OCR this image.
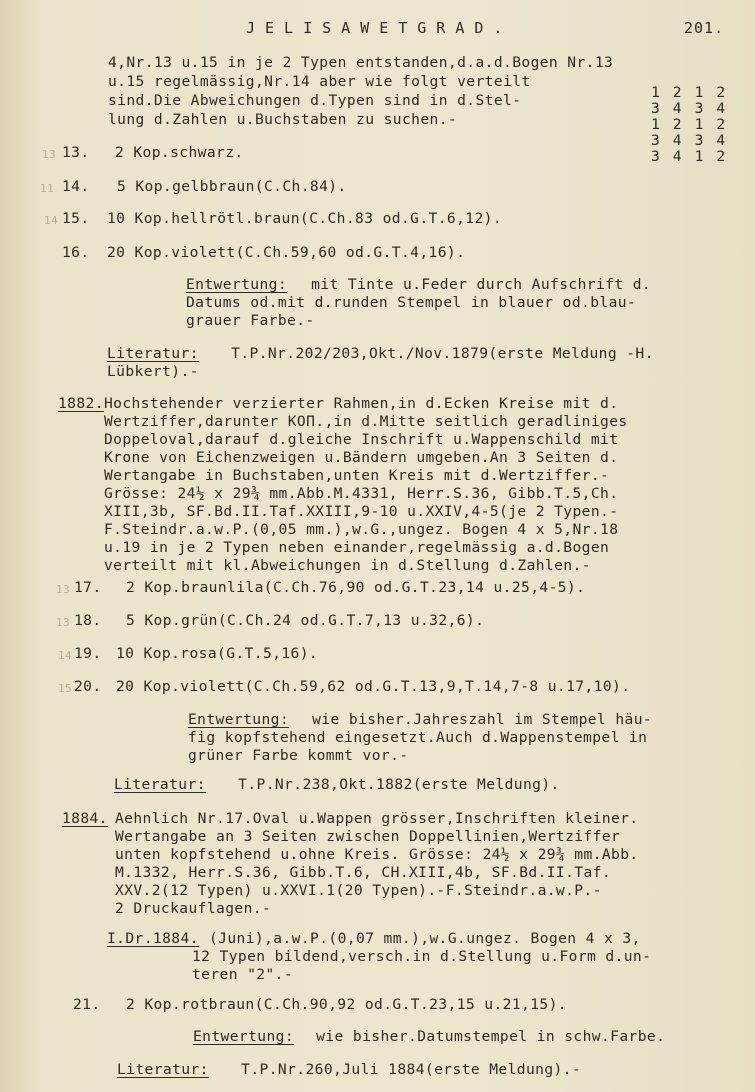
JELISAWETGRAD.	201.
4,Nr.13 u.15 in je 2 Typen entstanden,d.a.d.Bogen Nr.13
u.15 regelmässig,Nr.14 aber wie folgt verteilt
sind.Die Abweichungen d.Typen sind in d.Stel-
lung d.Zahlen u.Buchstaben zu suchen.-
1212
3434
1212
3434
3412
13 13. 2 Kop.schwarz.
11 14. 5 Kop.gelbbraun(C.Ch.84).
14 15. 10 Kop.hellrötl.braun(C.Ch.83 od.G.T.6,12).
16. 20 Kop.violett(C.Ch.59,60 od.G.T.4,16).
Entwertung: mit Tinte u.Feder durch Aufschrift d.
Datums od.mit d.runden Stempel in blauer od.blau-
grauer Farbe.-
Literatur: T.P.Nr.202/203,Okt./Nov.1879(erste Meldung -H.
Lübkert).-
1882. Hochstehender verzierter Rahmen,in d.Ecken Kreise mit d.
Wertziffer,darunter КОП.,in d.Mitte seitlich geradliniges
Doppeloval,darauf d.gleiche Inschrift u.Wappenschild mit
Krone von Eichenzweigen u.Bändern umgeben.An 3 Seiten d.
Wertangabe in Buchstaben,unten Kreis mit d.Wertziffer.-
Grösse: 24½ x 29¾ mm.Abb.M.4331, Herr.S.36, Gibb.T.5,Ch.
XIII,3b, SF.Bd.II.Taf.XXIII,9-10 u.XXIV,4-5(je 2 Typen.-
F.Steindr.a.w.P.(0,05 mm.),w.G.,ungez. Bogen 4 x 5,Nr.18
u.19 in je 2 Typen neben einander,regelmässig a.d.Bogen
verteilt mit kl.Abweichungen in d.Stellung d.Zahlen.-
13 17. 2 Kop.braunlila(C.Ch.76,90 od.G.T.23,14 u.25,4-5).
13 18. 5 Kop.grün(C.Ch.24 od.G.T.7,13 u.32,6).
14 19. 10 Kop.rosa(G.T.5,16).
15 20. 20 Kop.violett(C.Ch.59,62 od.G.T.13,9,T.14,7-8 u.17,10).
Entwertung: wie bisher.Jahreszahl im Stempel häu-
fig kopfstehend eingesetzt.Auch d.Wappenstempel in
grüner Farbe kommt vor.-
Literatur: T.P.Nr.238,Okt.1882(erste Meldung).
1884. Aehnlich Nr.17.Oval u.Wappen grösser,Inschriften kleiner.
Wertangabe an 3 Seiten zwischen Doppellinien,Wertziffer
unten kopfstehend u.ohne Kreis. Grösse: 24½ x 29¾ mm.Abb.
M.1332, Herr.S.36, Gibb.T.6, CH.XIII,4b, SF.Bd.II.Taf.
XXV.2(12 Typen) u.XXVI.1(20 Typen).-F.Steindr.a.w.P.-
2 Druckauflagen.-
I.Dr.1884. (Juni),a.w.P.(0,07 mm.),w.G.ungez. Bogen 4 x 3,
12 Typen bildend,versch.in d.Stellung u.Form d.un-
teren "2".-
21. 2 Kop.rotbraun(C.Ch.90,92 od.G.T.23,15 u.21,15).
Entwertung: wie bisher.Datumstempel in schw.Farbe.
Literatur: T.P.Nr.260,Juli 1884(erste Meldung).-
